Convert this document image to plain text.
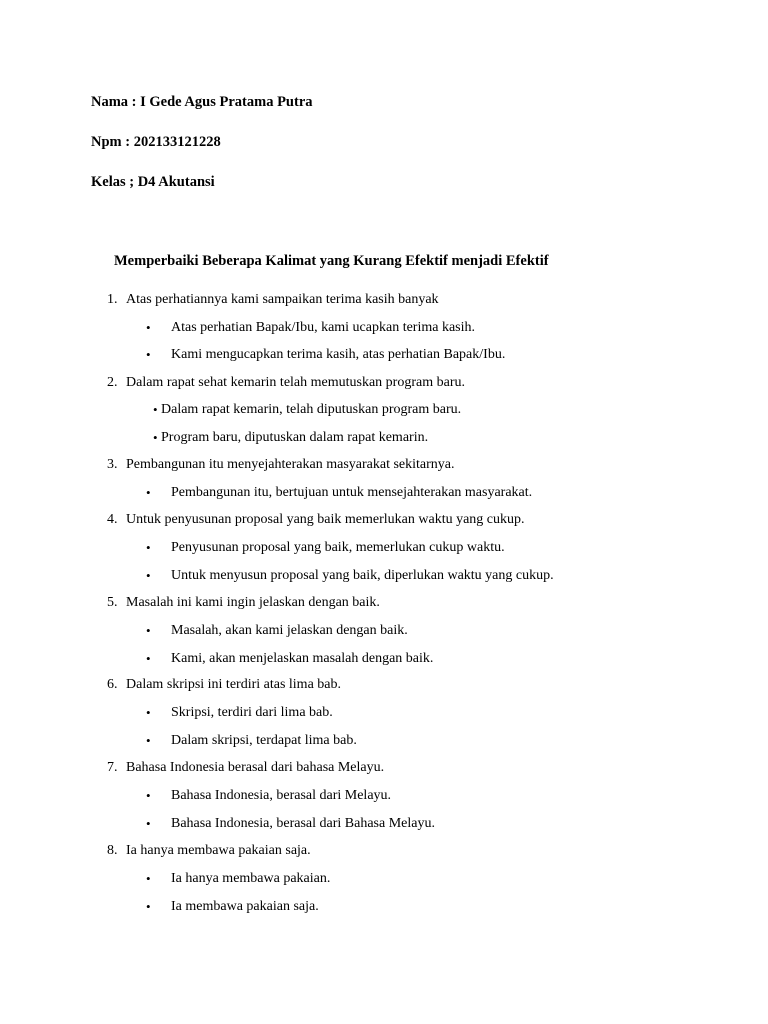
Nama : I Gede Agus Pratama Putra
Npm : 202133121228
Kelas ; D4 Akutansi
Memperbaiki Beberapa Kalimat yang Kurang Efektif menjadi Efektif
1. Atas perhatiannya kami sampaikan terima kasih banyak
• Atas perhatian Bapak/Ibu, kami ucapkan terima kasih.
• Kami mengucapkan terima kasih, atas perhatian Bapak/Ibu.
2. Dalam rapat sehat kemarin telah memutuskan program baru.
• Dalam rapat kemarin, telah diputuskan program baru.
• Program baru, diputuskan dalam rapat kemarin.
3. Pembangunan itu menyejahterakan masyarakat sekitarnya.
• Pembangunan itu, bertujuan untuk mensejahterakan masyarakat.
4. Untuk penyusunan proposal yang baik memerlukan waktu yang cukup.
• Penyusunan proposal yang baik, memerlukan cukup waktu.
• Untuk menyusun proposal yang baik, diperlukan waktu yang cukup.
5. Masalah ini kami ingin jelaskan dengan baik.
• Masalah, akan kami jelaskan dengan baik.
• Kami, akan menjelaskan masalah dengan baik.
6. Dalam skripsi ini terdiri atas lima bab.
• Skripsi, terdiri dari lima bab.
• Dalam skripsi, terdapat lima bab.
7. Bahasa Indonesia berasal dari bahasa Melayu.
• Bahasa Indonesia, berasal dari Melayu.
• Bahasa Indonesia, berasal dari Bahasa Melayu.
8. Ia hanya membawa pakaian saja.
• Ia hanya membawa pakaian.
• Ia membawa pakaian saja.
